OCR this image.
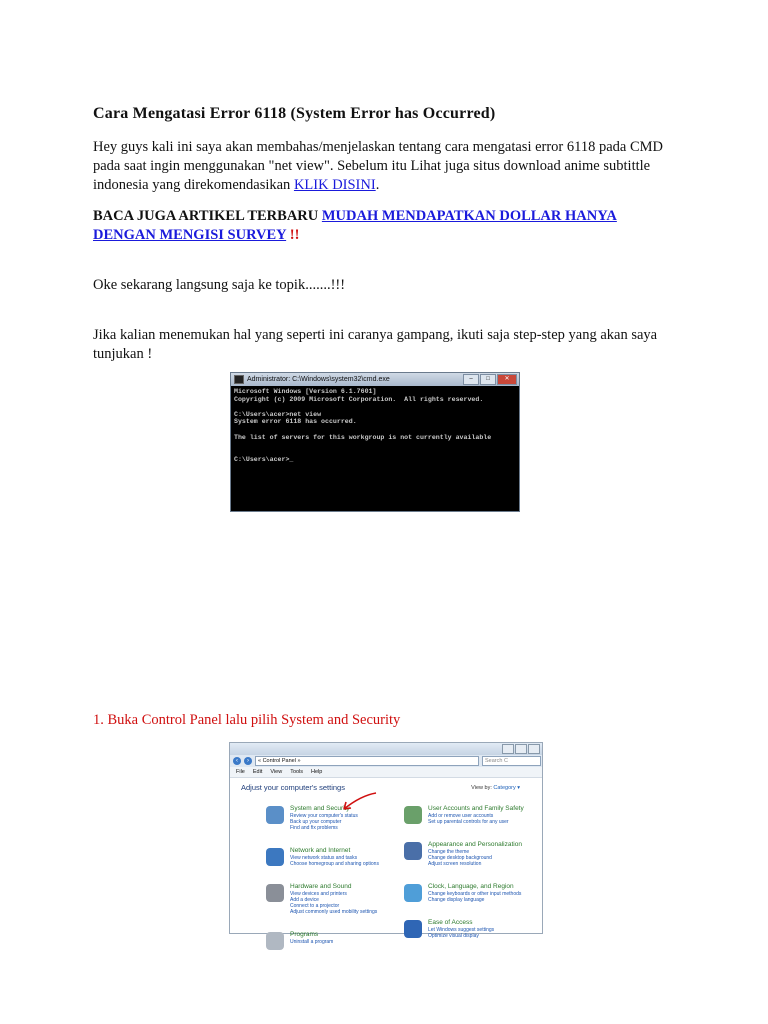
Cara Mengatasi Error 6118 (System Error has Occurred)
Hey guys kali ini saya akan membahas/menjelaskan tentang cara mengatasi error 6118 pada CMD pada saat ingin menggunakan "net view". Sebelum itu Lihat juga situs download anime subtittle indonesia yang direkomendasikan KLIK DISINI.
BACA JUGA ARTIKEL TERBARU MUDAH MENDAPATKAN DOLLAR HANYA DENGAN MENGISI SURVEY !!
Oke sekarang langsung saja ke topik.......!!!
Jika kalian menemukan hal yang seperti ini caranya gampang, ikuti saja step-step yang akan saya tunjukan !
Administrator: C:\Windows\system32\cmd.exe	–	□	✕
Microsoft Windows [Version 6.1.7601]
Copyright (c) 2009 Microsoft Corporation.  All rights reserved.

C:\Users\acer>net view
System error 6118 has occurred.

The list of servers for this workgroup is not currently available

C:\Users\acer>_
1. Buka Control Panel lalu pilih System and Security
‹	›	« Control Panel »	Search C
File Edit View Tools Help
Adjust your computer's settings	View by: Category ▾
System and Security
Review your computer's status
Back up your computer
Find and fix problems
Network and Internet
View network status and tasks
Choose homegroup and sharing options
Hardware and Sound
View devices and printers
Add a device
Connect to a projector
Adjust commonly used mobility settings
Programs
Uninstall a program
User Accounts and Family Safety
Add or remove user accounts
Set up parental controls for any user
Appearance and Personalization
Change the theme
Change desktop background
Adjust screen resolution
Clock, Language, and Region
Change keyboards or other input methods
Change display language
Ease of Access
Let Windows suggest settings
Optimize visual display
